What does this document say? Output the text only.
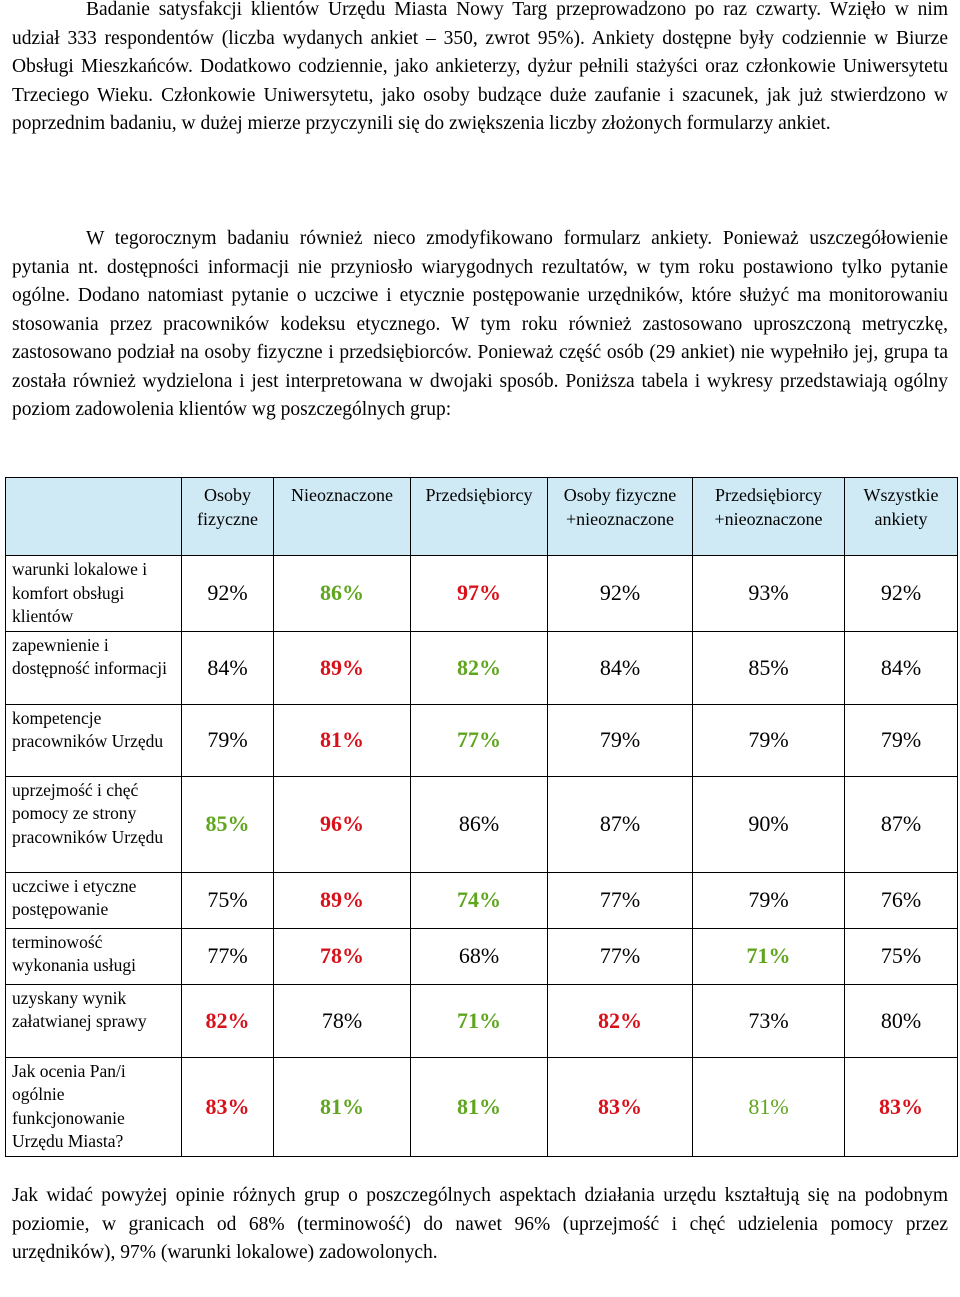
Badanie satysfakcji klientów Urzędu Miasta Nowy Targ przeprowadzono po raz czwarty. Wzięło w nim udział 333 respondentów (liczba wydanych ankiet – 350, zwrot 95%). Ankiety dostępne były codziennie w Biurze Obsługi Mieszkańców. Dodatkowo codziennie, jako ankieterzy, dyżur pełnili stażyści oraz członkowie Uniwersytetu Trzeciego Wieku. Członkowie Uniwersytetu, jako osoby budzące duże zaufanie i szacunek, jak już stwierdzono w poprzednim badaniu, w dużej mierze przyczynili się do zwiększenia liczby złożonych formularzy ankiet.

W tegorocznym badaniu również nieco zmodyfikowano formularz ankiety. Ponieważ uszczegółowienie pytania nt. dostępności informacji nie przyniosło wiarygodnych rezultatów, w tym roku postawiono tylko pytanie ogólne. Dodano natomiast pytanie o uczciwe i etycznie postępowanie urzędników, które służyć ma monitorowaniu stosowania przez pracowników kodeksu etycznego. W tym roku również zastosowano uproszczoną metryczkę, zastosowano podział na osoby fizyczne i przedsiębiorców. Ponieważ część osób (29 ankiet) nie wypełniło jej, grupa ta została również wydzielona i jest interpretowana w dwojaki sposób. Poniższa tabela i wykresy przedstawiają ogólny poziom zadowolenia klientów wg poszczególnych grup:

	Osoby fizyczne	Nieoznaczone	Przedsiębiorcy	Osoby fizyczne +nieoznaczone	Przedsiębiorcy +nieoznaczone	Wszystkie ankiety
warunki lokalowe i komfort obsługi klientów	92%	86%	97%	92%	93%	92%
zapewnienie i dostępność informacji	84%	89%	82%	84%	85%	84%
kompetencje pracowników Urzędu	79%	81%	77%	79%	79%	79%
uprzejmość i chęć pomocy ze strony pracowników Urzędu	85%	96%	86%	87%	90%	87%
uczciwe i etyczne postępowanie	75%	89%	74%	77%	79%	76%
terminowość wykonania usługi	77%	78%	68%	77%	71%	75%
uzyskany wynik załatwianej sprawy	82%	78%	71%	82%	73%	80%
Jak ocenia Pan/i ogólnie funkcjonowanie Urzędu Miasta?	83%	81%	81%	83%	81%	83%

Jak widać powyżej opinie różnych grup o poszczególnych aspektach działania urzędu kształtują się na podobnym poziomie, w granicach od 68% (terminowość) do nawet 96% (uprzejmość i chęć udzielenia pomocy przez urzędników), 97% (warunki lokalowe) zadowolonych.
